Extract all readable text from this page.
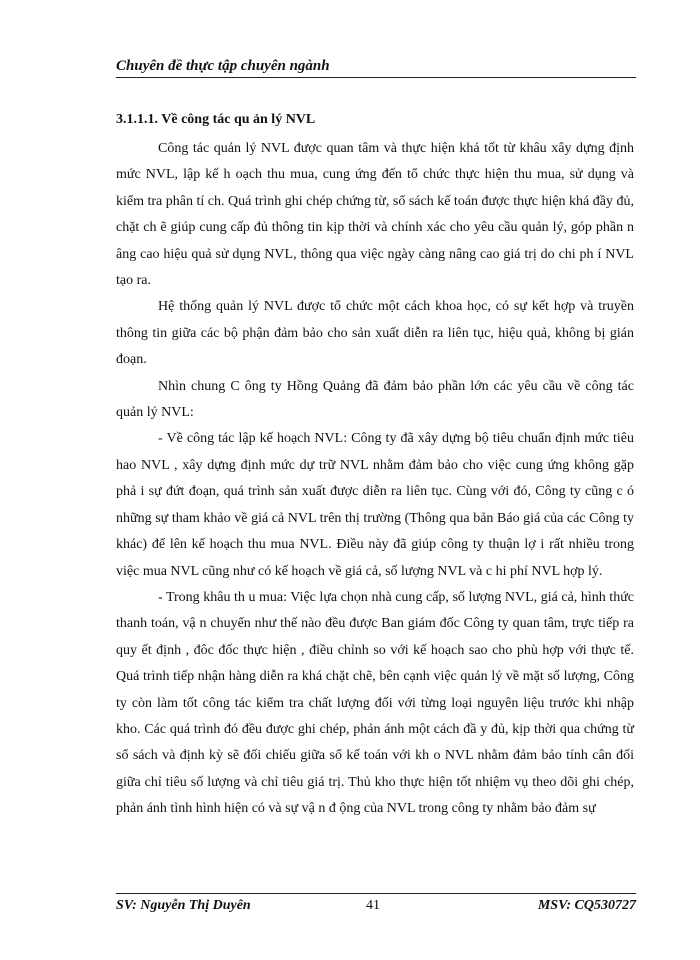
Chuyên đề thực tập chuyên ngành
3.1.1.1. Về công tác qu ản lý NVL

Công tác quản lý NVL được quan tâm và thực hiện khá tốt từ khâu xây dựng định mức NVL, lập kế h oạch thu mua, cung ứng đến tổ chức thực hiện thu mua, sử dụng và kiểm tra phân tí ch. Quá trình ghi chép chứng từ, sổ sách kế toán được thực hiện khá đầy đủ, chặt ch ẽ giúp cung cấp đủ thông tin kịp thời và chính xác cho yêu cầu quản lý, góp phần n âng cao hiệu quả sử dụng NVL, thông qua việc ngày càng nâng cao giá trị do chi ph í NVL tạo ra.

Hệ thống quản lý NVL được tổ chức một cách khoa học, có sự kết hợp và truyền thông tin giữa các bộ phận đảm bảo cho sản xuất diễn ra liên tục, hiệu quả, không bị gián đoạn.

Nhìn chung C ông ty Hồng Quảng đã đảm bảo phần lớn các yêu cầu về công tác quản lý NVL:

- Về công tác lập kế hoạch NVL: Công ty đã xây dựng bộ tiêu chuẩn định mức tiêu hao NVL , xây dựng định mức dự trữ NVL nhằm đảm bảo cho việc cung ứng không gặp phả i sự đứt đoạn, quá trình sản xuất được diễn ra liên tục. Cùng với đó, Công ty cũng c ó những sự tham khảo về giá cả NVL trên thị trường (Thông qua bản Báo giá của các Công ty khác) để lên kế hoạch thu mua NVL. Điều này đã giúp công ty thuận lợ i rất nhiều trong việc mua NVL cũng như có kế hoạch về giá cả, số lượng NVL và c hi phí NVL hợp lý.

- Trong khâu th u mua: Việc lựa chọn nhà cung cấp, số lượng NVL, giá cả, hình thức thanh toán, vậ n chuyển như thế nào đều được Ban giám đốc Công ty quan tâm, trực tiếp ra quy ết định , đôc đốc thực hiện , điều chỉnh so với kế hoạch sao cho phù hợp với thực tế. Quá trình tiếp nhận hàng diễn ra khá chặt chẽ, bên cạnh việc quản lý về mặt số lượng, Công ty còn làm tốt công tác kiểm tra chất lượng đối với từng loại nguyên liệu trước khi nhập kho. Các quá trình đó đều được ghi chép, phản ánh một cách đầ y đủ, kịp thời qua chứng từ sổ sách và định kỳ sẽ đối chiếu giữa sổ kế toán với kh o NVL nhằm đảm bảo tính cân đối giữa chỉ tiêu số lượng và chỉ tiêu giá trị. Thủ kho thực hiện tốt nhiệm vụ theo dõi ghi chép, phản ánh tình hình hiện có và sự vậ n đ ộng của NVL trong công ty nhằm bảo đảm sự

SV: Nguyễn Thị Duyên	41	MSV: CQ530727
